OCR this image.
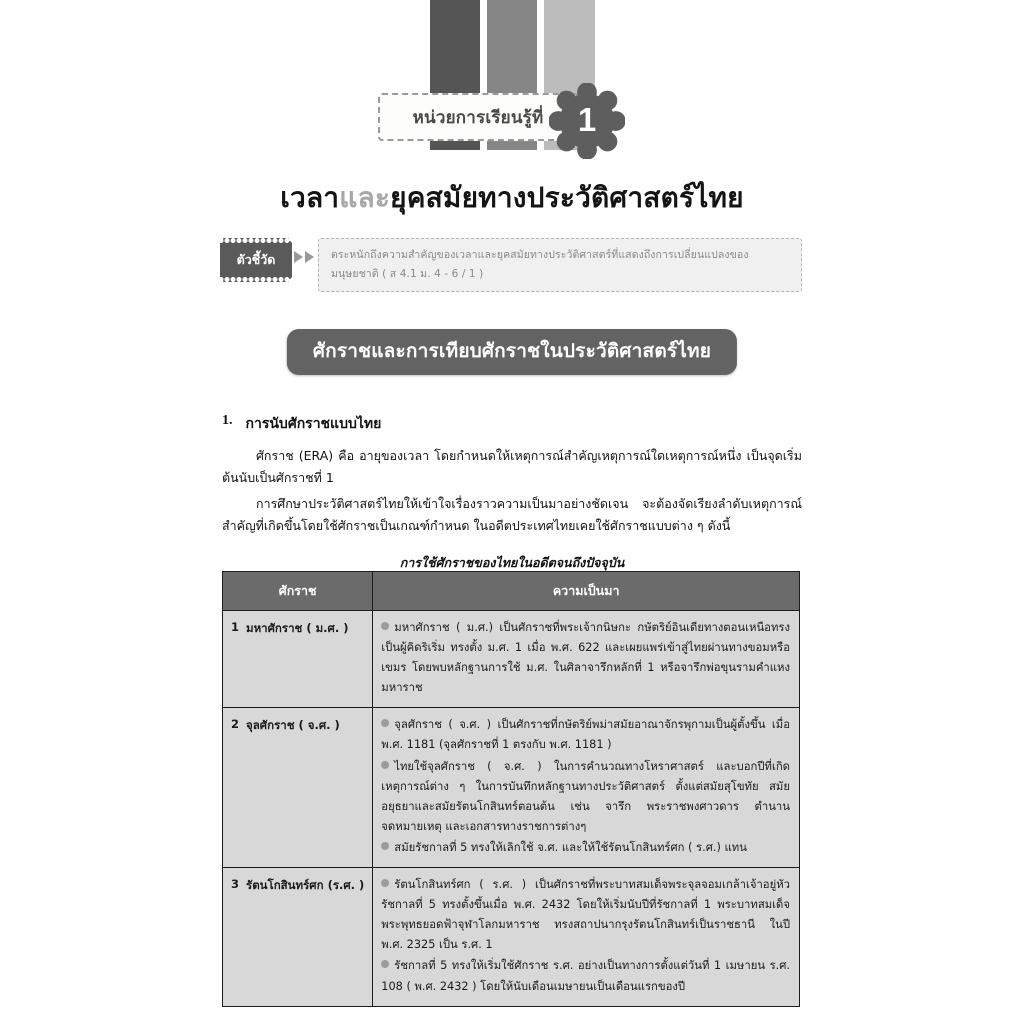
หน่วยการเรียนรู้ที่	1
เวลาและยุคสมัยทางประวัติศาสตร์ไทย
ตัวชี้วัด	ตระหนักถึงความสำคัญของเวลาและยุคสมัยทางประวัติศาสตร์ที่แสดงถึงการเปลี่ยนแปลงของมนุษยชาติ ( ส 4.1 ม. 4 - 6 / 1 )
ศักราชและการเทียบศักราชในประวัติศาสตร์ไทย
1. การนับศักราชแบบไทย

ศักราช (ERA) คือ อายุของเวลา โดยกำหนดให้เหตุการณ์สำคัญเหตุการณ์ใดเหตุการณ์หนึ่ง เป็นจุดเริ่มต้นนับเป็นศักราชที่ 1

การศึกษาประวัติศาสตร์ไทยให้เข้าใจเรื่องราวความเป็นมาอย่างชัดเจน จะต้องจัดเรียงลำดับเหตุการณ์สำคัญที่เกิดขึ้นโดยใช้ศักราชเป็นเกณฑ์กำหนด ในอดีตประเทศไทยเคยใช้ศักราชแบบต่าง ๆ ดังนี้

การใช้ศักราชของไทยในอดีตจนถึงปัจจุบัน
ศักราช	ความเป็นมา

1 มหาศักราช ( ม.ศ. )	มหาศักราช ( ม.ศ.) เป็นศักราชที่พระเจ้ากนิษกะ กษัตริย์อินเดียทางตอนเหนือทรงเป็นผู้คิดริเริ่ม ทรงตั้ง ม.ศ. 1 เมื่อ พ.ศ. 622 และเผยแพร่เข้าสู่ไทยผ่านทางขอมหรือเขมร โดยพบหลักฐานการใช้ ม.ศ. ในศิลาจารึกหลักที่ 1 หรือจารึกพ่อขุนรามคำแหงมหาราช

2 จุลศักราช ( จ.ศ. )	จุลศักราช ( จ.ศ. ) เป็นศักราชที่กษัตริย์พม่าสมัยอาณาจักรพุกามเป็นผู้ตั้งขึ้น เมื่อ พ.ศ. 1181 (จุลศักราชที่ 1 ตรงกับ พ.ศ. 1181 )

ไทยใช้จุลศักราช ( จ.ศ. ) ในการคำนวณทางโหราศาสตร์ และบอกปีที่เกิดเหตุการณ์ต่าง ๆ ในการบันทึกหลักฐานทางประวัติศาสตร์ ตั้งแต่สมัยสุโขทัย สมัยอยุธยาและสมัยรัตนโกสินทร์ตอนต้น เช่น จารึก พระราชพงศาวดาร ตำนานจดหมายเหตุ และเอกสารทางราชการต่างๆ

สมัยรัชกาลที่ 5 ทรงให้เลิกใช้ จ.ศ. และให้ใช้รัตนโกสินทร์ศก ( ร.ศ.) แทน

3 รัตนโกสินทร์ศก (ร.ศ. )	รัตนโกสินทร์ศก ( ร.ศ. ) เป็นศักราชที่พระบาทสมเด็จพระจุลจอมเกล้าเจ้าอยู่หัว รัชกาลที่ 5 ทรงตั้งขึ้นเมื่อ พ.ศ. 2432 โดยให้เริ่มนับปีที่รัชกาลที่ 1 พระบาทสมเด็จพระพุทธยอดฟ้าจุฬาโลกมหาราช ทรงสถาปนากรุงรัตนโกสินทร์เป็นราชธานี ในปี พ.ศ. 2325 เป็น ร.ศ. 1

รัชกาลที่ 5 ทรงให้เริ่มใช้ศักราช ร.ศ. อย่างเป็นทางการตั้งแต่วันที่ 1 เมษายน ร.ศ. 108 ( พ.ศ. 2432 ) โดยให้นับเดือนเมษายนเป็นเดือนแรกของปี
